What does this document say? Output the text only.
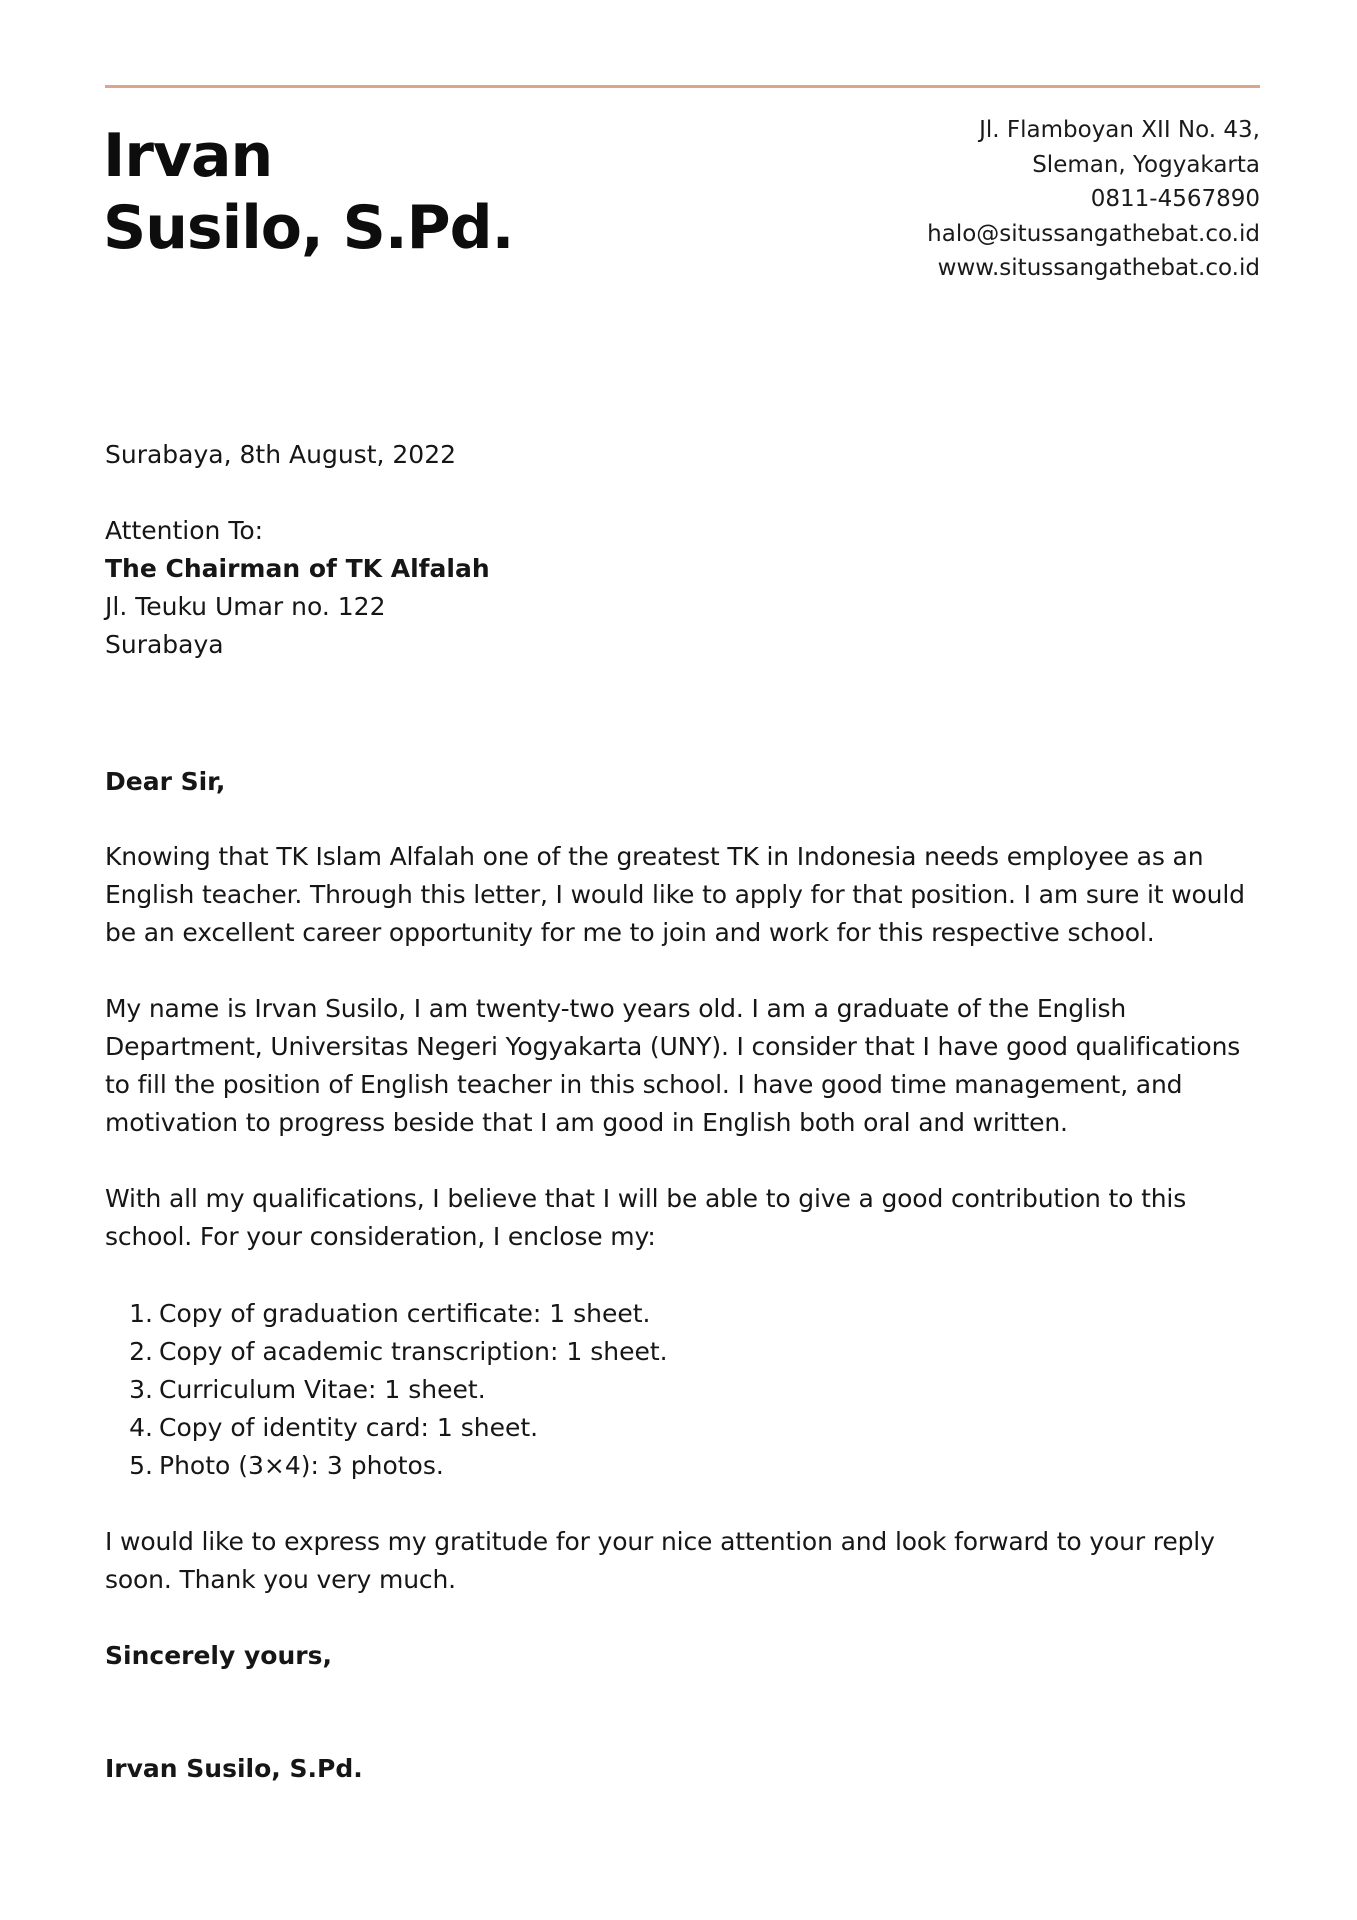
Irvan
Susilo, S.Pd.
Jl. Flamboyan XII No. 43,
Sleman, Yogyakarta
0811-4567890
halo@situssangathebat.co.id
www.situssangathebat.co.id
Surabaya, 8th August, 2022
Attention To:
The Chairman of TK Alfalah
Jl. Teuku Umar no. 122
Surabaya
Dear Sir,
Knowing that TK Islam Alfalah one of the greatest TK in Indonesia needs employee as an English teacher. Through this letter, I would like to apply for that position. I am sure it would be an excellent career opportunity for me to join and work for this respective school.
My name is Irvan Susilo, I am twenty-two years old. I am a graduate of the English Department, Universitas Negeri Yogyakarta (UNY). I consider that I have good qualifications to fill the position of English teacher in this school. I have good time management, and motivation to progress beside that I am good in English both oral and written.
With all my qualifications, I believe that I will be able to give a good contribution to this school. For your consideration, I enclose my:
1. Copy of graduation certificate: 1 sheet.
2. Copy of academic transcription: 1 sheet.
3. Curriculum Vitae: 1 sheet.
4. Copy of identity card: 1 sheet.
5. Photo (3×4): 3 photos.
I would like to express my gratitude for your nice attention and look forward to your reply soon. Thank you very much.
Sincerely yours,
Irvan Susilo, S.Pd.
